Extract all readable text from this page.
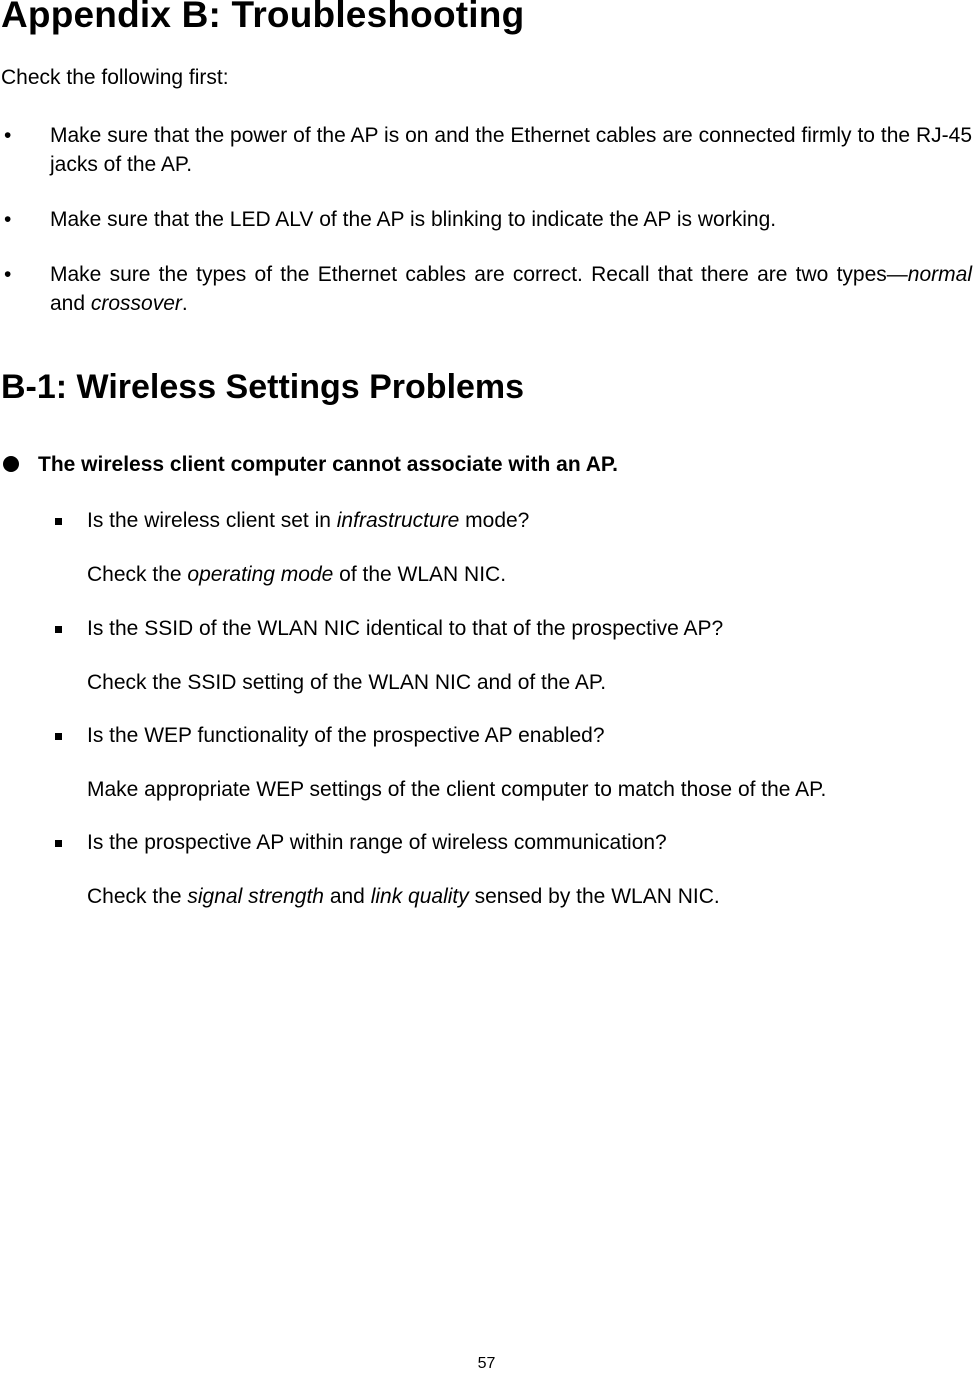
Appendix B: Troubleshooting

Check the following first:

• Make sure that the power of the AP is on and the Ethernet cables are connected firmly to the RJ-45 jacks of the AP.
• Make sure that the LED ALV of the AP is blinking to indicate the AP is working.
• Make sure the types of the Ethernet cables are correct. Recall that there are two types—normal and crossover.
B-1: Wireless Settings Problems

The wireless client computer cannot associate with an AP.

Is the wireless client set in infrastructure mode?
Check the operating mode of the WLAN NIC.
Is the SSID of the WLAN NIC identical to that of the prospective AP?
Check the SSID setting of the WLAN NIC and of the AP.
Is the WEP functionality of the prospective AP enabled?
Make appropriate WEP settings of the client computer to match those of the AP.
Is the prospective AP within range of wireless communication?
Check the signal strength and link quality sensed by the WLAN NIC.
57
